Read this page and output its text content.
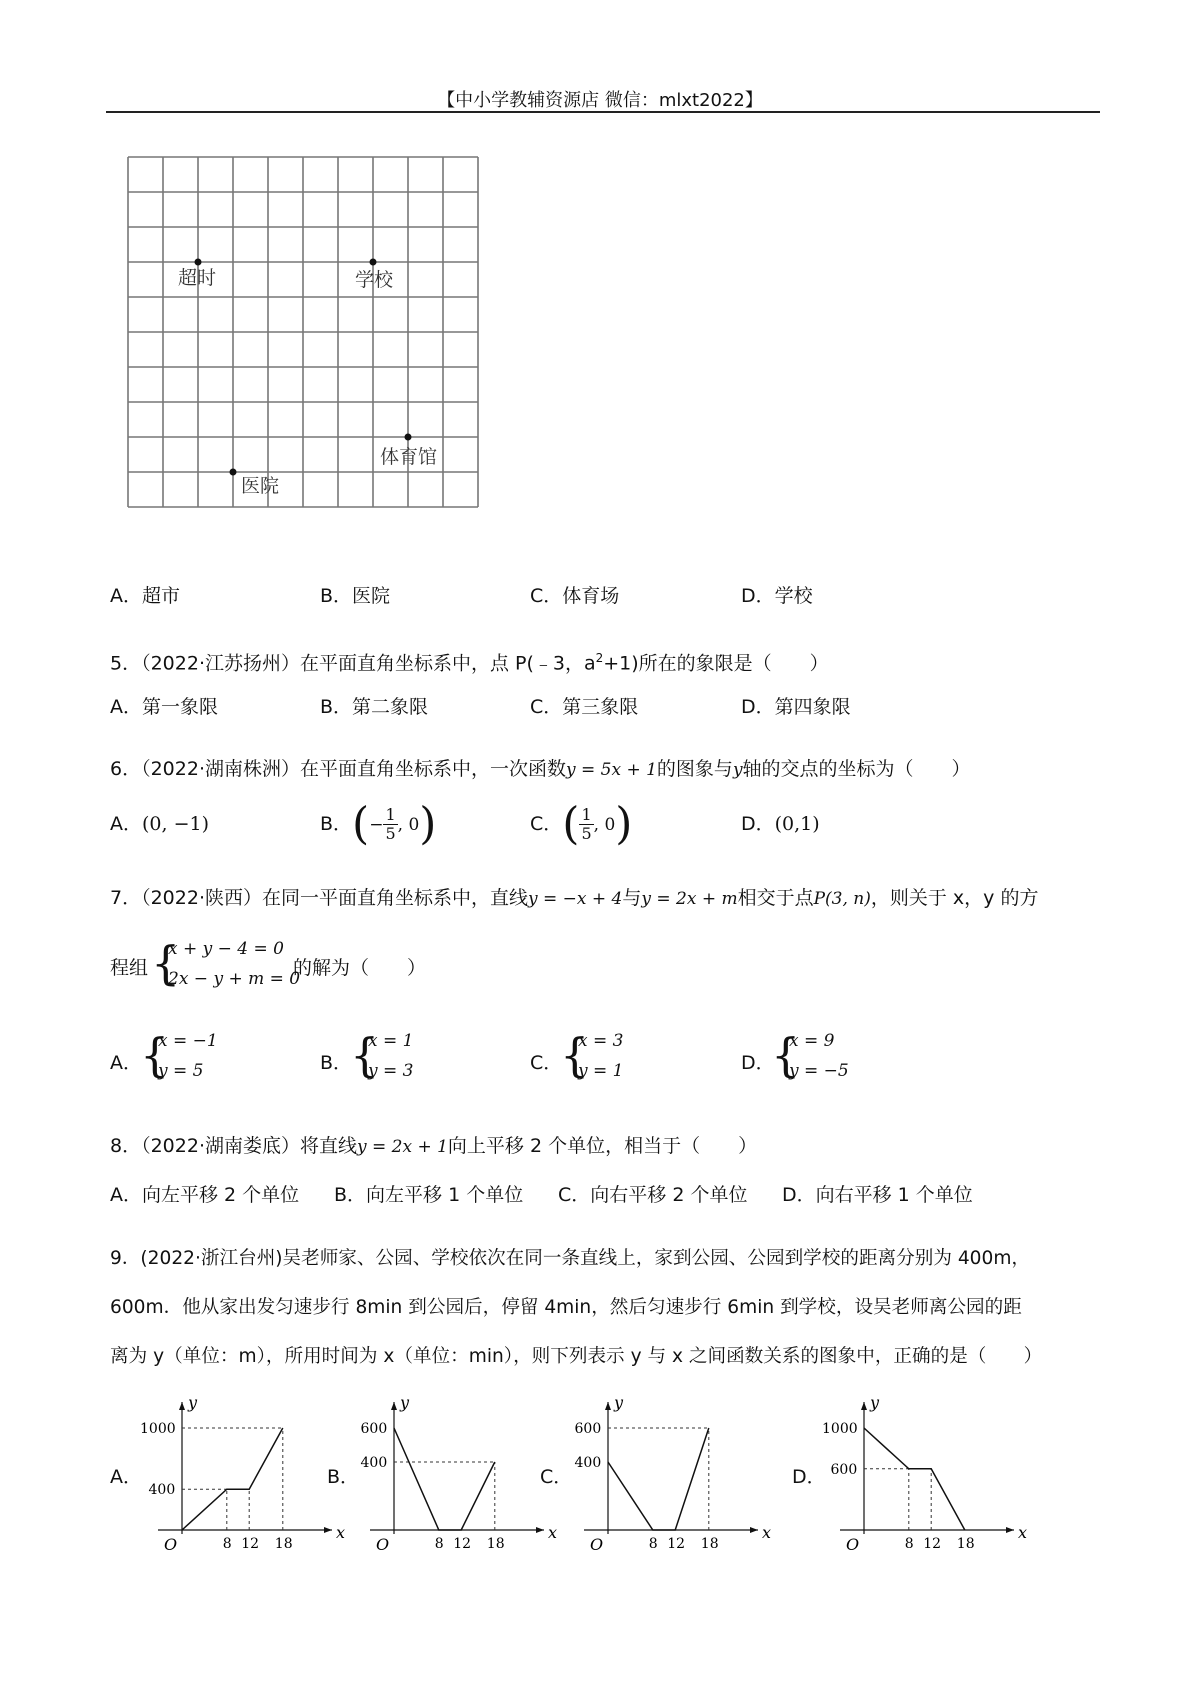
【中小学教辅资源店 微信：mlxt2022】
超时	学校
体育馆
医院
A．超市	B．医院	C．体育场	D．学校
5．（2022·江苏扬州）在平面直角坐标系中，点 P(﹣3，$a^2+1$)所在的象限是（　　）
A．第一象限	B．第二象限	C．第三象限	D．第四象限
6．（2022·湖南株洲）在平面直角坐标系中，一次函数y = 5x + 1的图象与y轴的交点的坐标为（　　）
A．(0, −1)	B．(− $\frac{1}{5}$ , 0)	C．( $\frac{1}{5}$ , 0)	D．(0,1)
7．（2022·陕西）在同一平面直角坐标系中，直线y = −x + 4与y = 2x + m相交于点P(3, n)，则关于 x，y 的方
程组 {
x + y − 4 = 0
2x − y + m = 0
的解为（　　）
A．
{
x = −1
y = 5	B．
{
x = 1
y = 3	C．
{
x = 3
y = 1	D．
{
x = 9
y = −5
8．（2022·湖南娄底）将直线y = 2x + 1向上平移 2 个单位，相当于（　　）
A．向左平移 2 个单位 B．向左平移 1 个单位 C．向右平移 2 个单位 D．向右平移 1 个单位
9．(2022·浙江台州)吴老师家、公园、学校依次在同一条直线上，家到公园、公园到学校的距离分别为 400m，
600m．他从家出发匀速步行 8min 到公园后，停留 4min，然后匀速步行 6min 到学校，设吴老师离公园的距
离为 y（单位：m），所用时间为 x（单位：min），则下列表示 y 与 x 之间函数关系的图象中，正确的是（　　）
A．
x
y
O	8 12 18
400
1000
B．
x
y
O	8 12 18
400
600
C．
x
y
O	8 12 18
400
600
D．
x
y
O	8 12 18
600
1000
